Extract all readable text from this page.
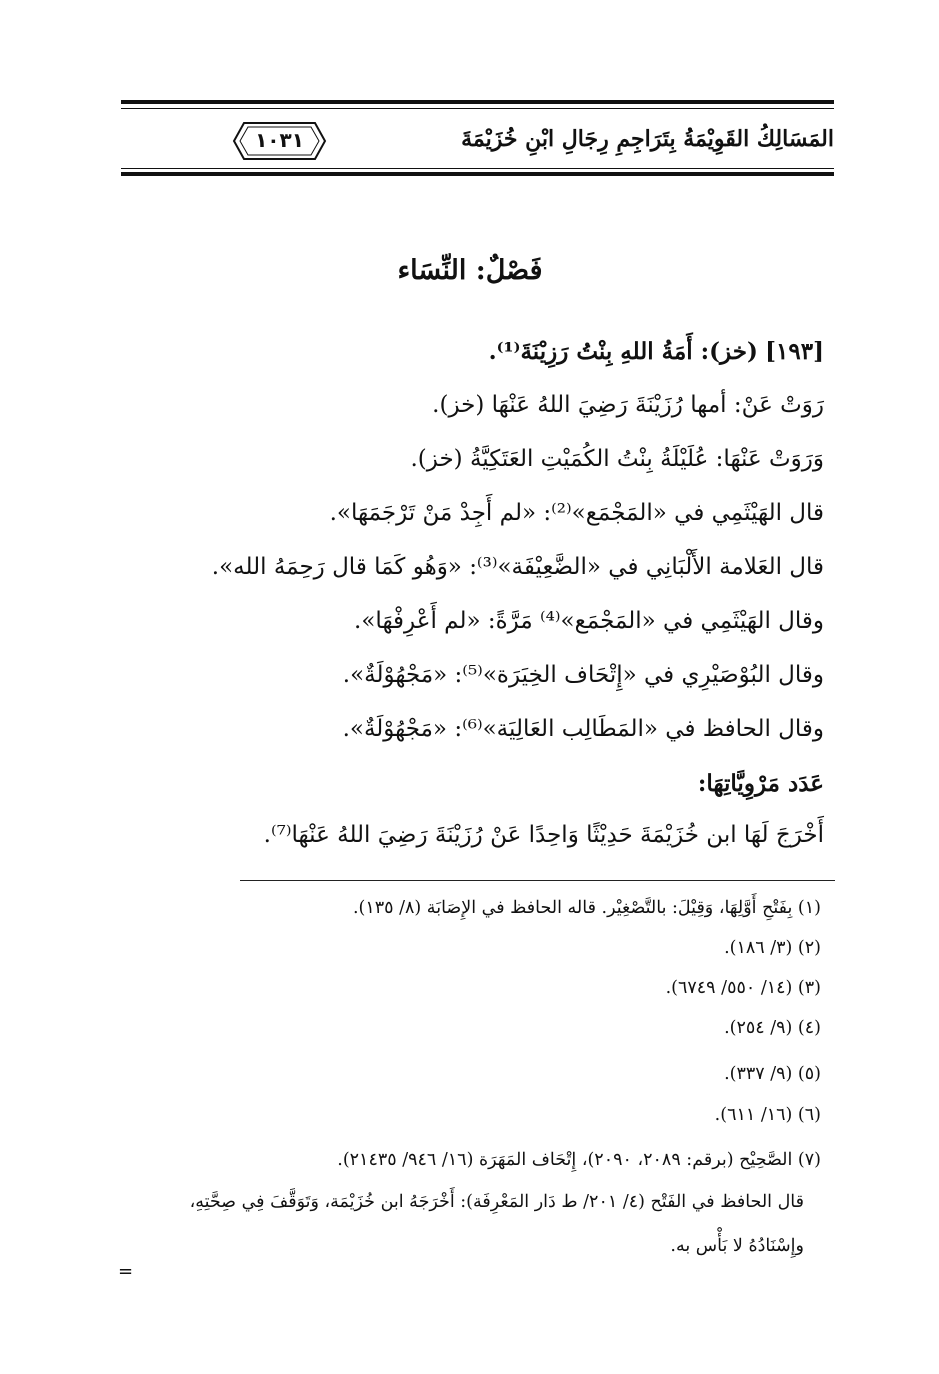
المَسَالِكُ القَوِيْمَةُ بِتَرَاجِمِ رِجَالِ ابْنِ خُزَيْمَةَ
١٠٣١
فَصْلٌ: النِّسَاء
[١٩٣] (خز): أَمَةُ اللهِ بِنْتُ رَزِيْنَةَ⁽¹⁾.
رَوَتْ عَنْ: أمها رُزَيْنَةَ رَضِيَ اللهُ عَنْهَا (خز).
وَرَوَتْ عَنْهَا: عُلَيْلَةُ بِنْتُ الكُمَيْتِ العَتَكِيَّةُ (خز).
قال الهَيْثَمِي في «المَجْمَع»⁽²⁾: «لم أَجِدْ مَنْ تَرْجَمَهَا».
قال العَلامة الأَلْبَانِي في «الضَّعِيْفَة»⁽³⁾: «وَهُو كَمَا قال رَحِمَهُ الله».
وقال الهَيْثَمِي في «المَجْمَع»⁽⁴⁾ مَرَّةً: «لم أَعْرِفْهَا».
وقال البُوْصَيْرِي في «إِتْحَاف الخِيَرَة»⁽⁵⁾: «مَجْهُوْلَةٌ».
وقال الحافظ في «المَطَالِب العَالِيَة»⁽⁶⁾: «مَجْهُوْلَةٌ».
عَدَد مَرْوِيَّاتِهَا:
أَخْرَجَ لَهَا ابن خُزَيْمَةَ حَدِيْثًا وَاحِدًا عَنْ رُزَيْنَةَ رَضِيَ اللهُ عَنْهَا⁽⁷⁾.
(١) بِفَتْحِ أَوَّلِهَا، وَقِيْلَ: بالتَّصْغِيْر. قاله الحافظ في الإِصَابَة (٨/ ١٣٥).
(٢) (٣/ ١٨٦).
(٣) (١٤/ ٥٥٠/ ٦٧٤٩).
(٤) (٩/ ٢٥٤).
(٥) (٩/ ٣٣٧).
(٦) (١٦/ ٦١١).
(٧) الصَّحِيْح (برقم: ٢٠٨٩، ٢٠٩٠)، إِتْحَاف المَهَرَة (١٦/ ٩٤٦/ ٢١٤٣٥).
قال الحافظ في الفَتْح (٤/ ٢٠١/ ط دَار المَعْرِفَة): أَخْرَجَهُ ابن خُزَيْمَة، وَتَوَقَّفَ فِي صِحَّتِهِ،
وإِسْنَادُهُ لا بَأْس به.
=
